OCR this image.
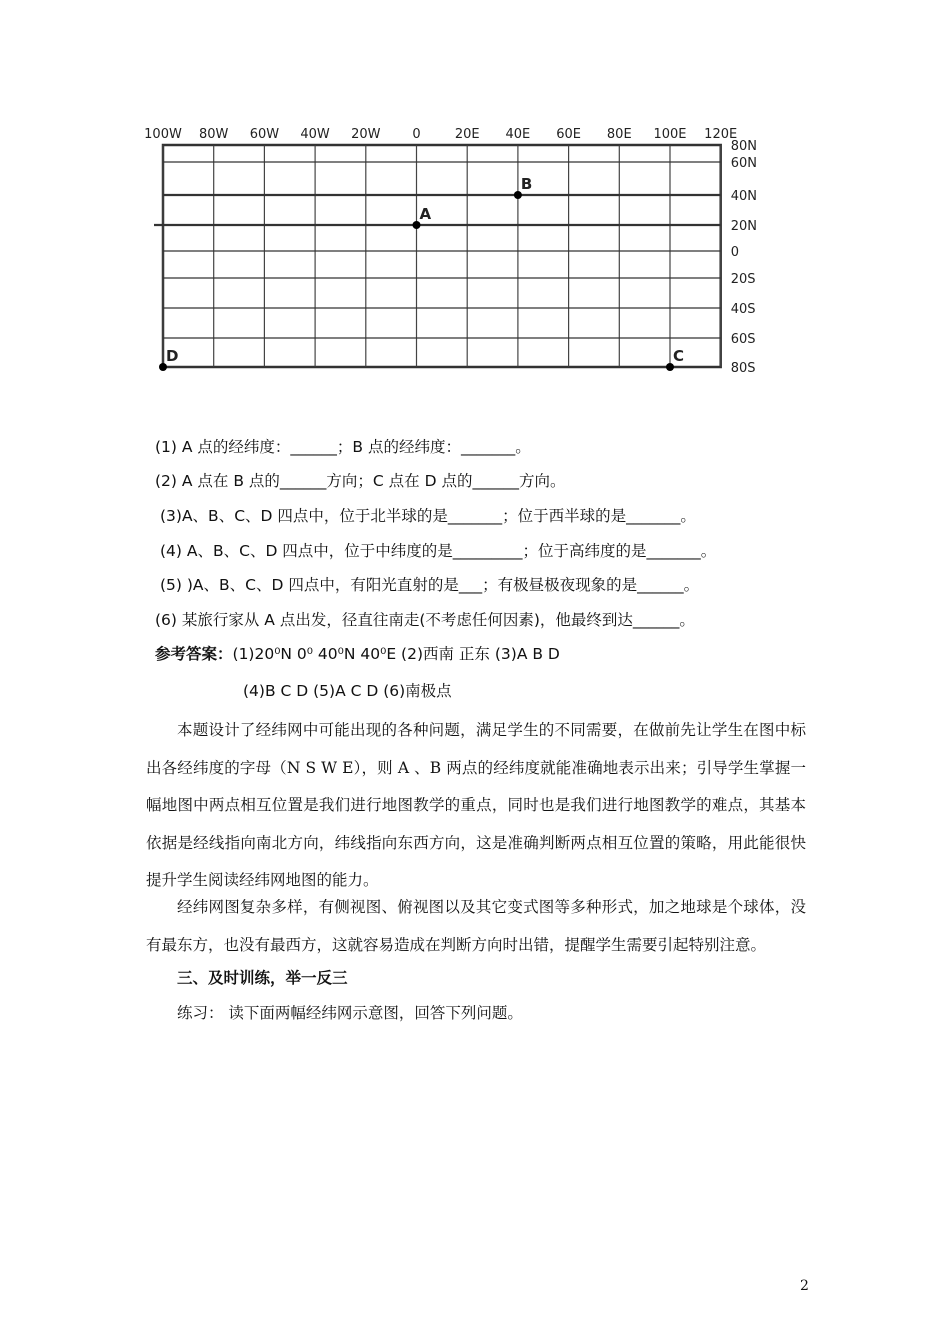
100W 80W 60W 40W 20W 0	20E 40E 60E 80E 100E 120E
80N
60N
40N
20N
0
20S
40S
60S
80S
A
B
C
D
(1) A 点的经纬度：______；B 点的经纬度：_______。
(2) A 点在 B 点的______方向；C 点在 D 点的______方向。
(3)A、B、C、D 四点中，位于北半球的是_______；位于西半球的是_______。
(4) A、B、C、D 四点中，位于中纬度的是_________；位于高纬度的是_______。
(5) )A、B、C、D 四点中，有阳光直射的是___；有极昼极夜现象的是______。
(6) 某旅行家从 A 点出发，径直往南走(不考虑任何因素)，他最终到达______。
参考答案：(1)20⁰N 0⁰ 40⁰N 40⁰E (2)西南 正东 (3)A B D
(4)B C D (5)A C D (6)南极点
本题设计了经纬网中可能出现的各种问题，满足学生的不同需要，在做前先让学生在图中标出各经纬度的字母（N S W E），则 A 、B 两点的经纬度就能准确地表示出来；引导学生掌握一幅地图中两点相互位置是我们进行地图教学的重点，同时也是我们进行地图教学的难点，其基本依据是经线指向南北方向，纬线指向东西方向，这是准确判断两点相互位置的策略，用此能很快提升学生阅读经纬网地图的能力。
经纬网图复杂多样，有侧视图、俯视图以及其它变式图等多种形式，加之地球是个球体，没有最东方，也没有最西方，这就容易造成在判断方向时出错，提醒学生需要引起特别注意。
三、及时训练，举一反三
练习： 读下面两幅经纬网示意图，回答下列问题。
2
